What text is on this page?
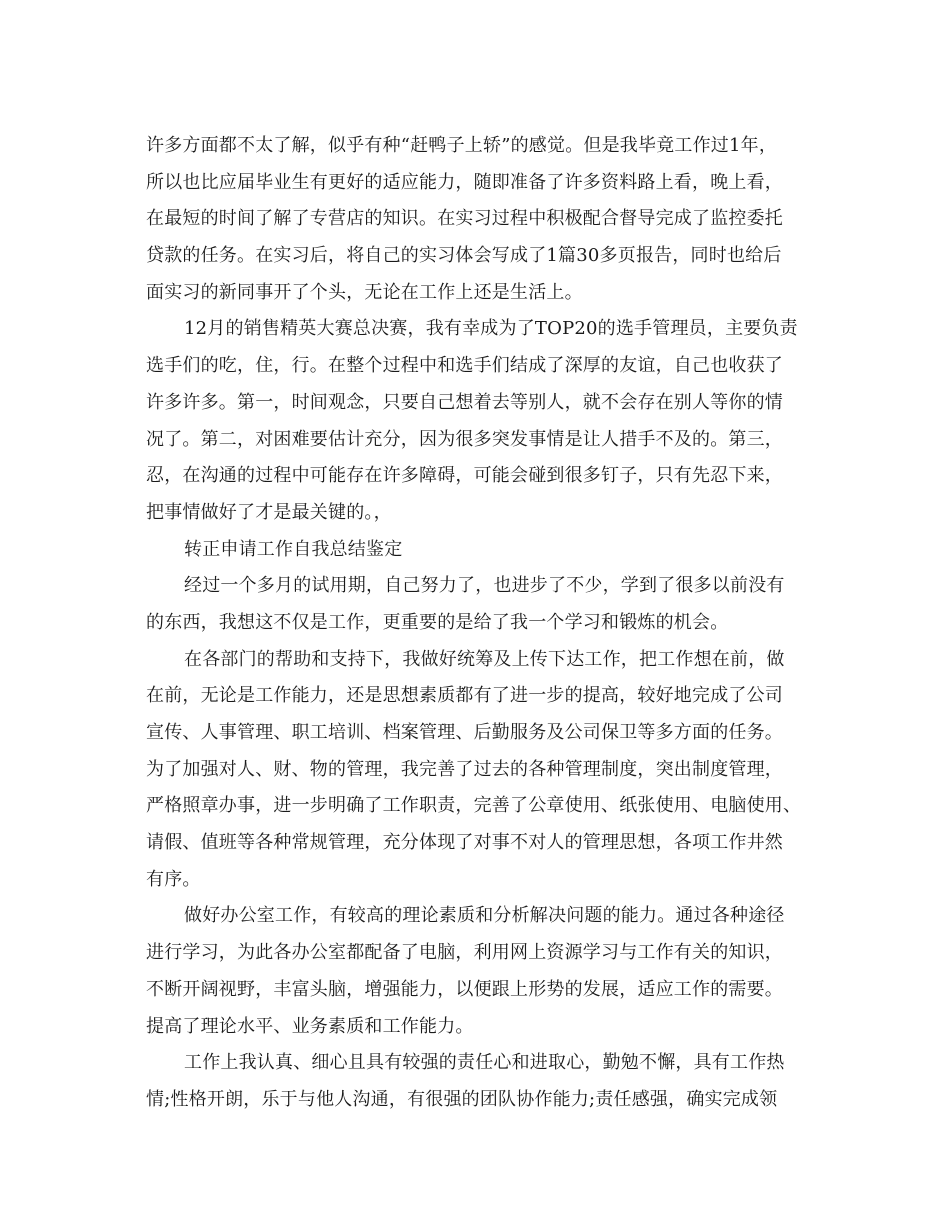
许多方面都不太了解，似乎有种“赶鸭子上轿”的感觉。但是我毕竟工作过1年，
所以也比应届毕业生有更好的适应能力，随即准备了许多资料路上看，晚上看，
在最短的时间了解了专营店的知识。在实习过程中积极配合督导完成了监控委托
贷款的任务。在实习后，将自己的实习体会写成了1篇30多页报告，同时也给后
面实习的新同事开了个头，无论在工作上还是生活上。
12月的销售精英大赛总决赛，我有幸成为了TOP20的选手管理员，主要负责
选手们的吃，住，行。在整个过程中和选手们结成了深厚的友谊，自己也收获了
许多许多。第一，时间观念，只要自己想着去等别人，就不会存在别人等你的情
况了。第二，对困难要估计充分，因为很多突发事情是让人措手不及的。第三，
忍，在沟通的过程中可能存在许多障碍，可能会碰到很多钉子，只有先忍下来，
把事情做好了才是最关键的。，
转正申请工作自我总结鉴定
经过一个多月的试用期，自己努力了，也进步了不少，学到了很多以前没有
的东西，我想这不仅是工作，更重要的是给了我一个学习和锻炼的机会。
在各部门的帮助和支持下，我做好统筹及上传下达工作，把工作想在前，做
在前，无论是工作能力，还是思想素质都有了进一步的提高，较好地完成了公司
宣传、人事管理、职工培训、档案管理、后勤服务及公司保卫等多方面的任务。
为了加强对人、财、物的管理，我完善了过去的各种管理制度，突出制度管理，
严格照章办事，进一步明确了工作职责，完善了公章使用、纸张使用、电脑使用、
请假、值班等各种常规管理，充分体现了对事不对人的管理思想，各项工作井然
有序。
做好办公室工作，有较高的理论素质和分析解决问题的能力。通过各种途径
进行学习，为此各办公室都配备了电脑，利用网上资源学习与工作有关的知识，
不断开阔视野，丰富头脑，增强能力，以便跟上形势的发展，适应工作的需要。
提高了理论水平、业务素质和工作能力。
工作上我认真、细心且具有较强的责任心和进取心，勤勉不懈，具有工作热
情;性格开朗，乐于与他人沟通，有很强的团队协作能力;责任感强，确实完成领
